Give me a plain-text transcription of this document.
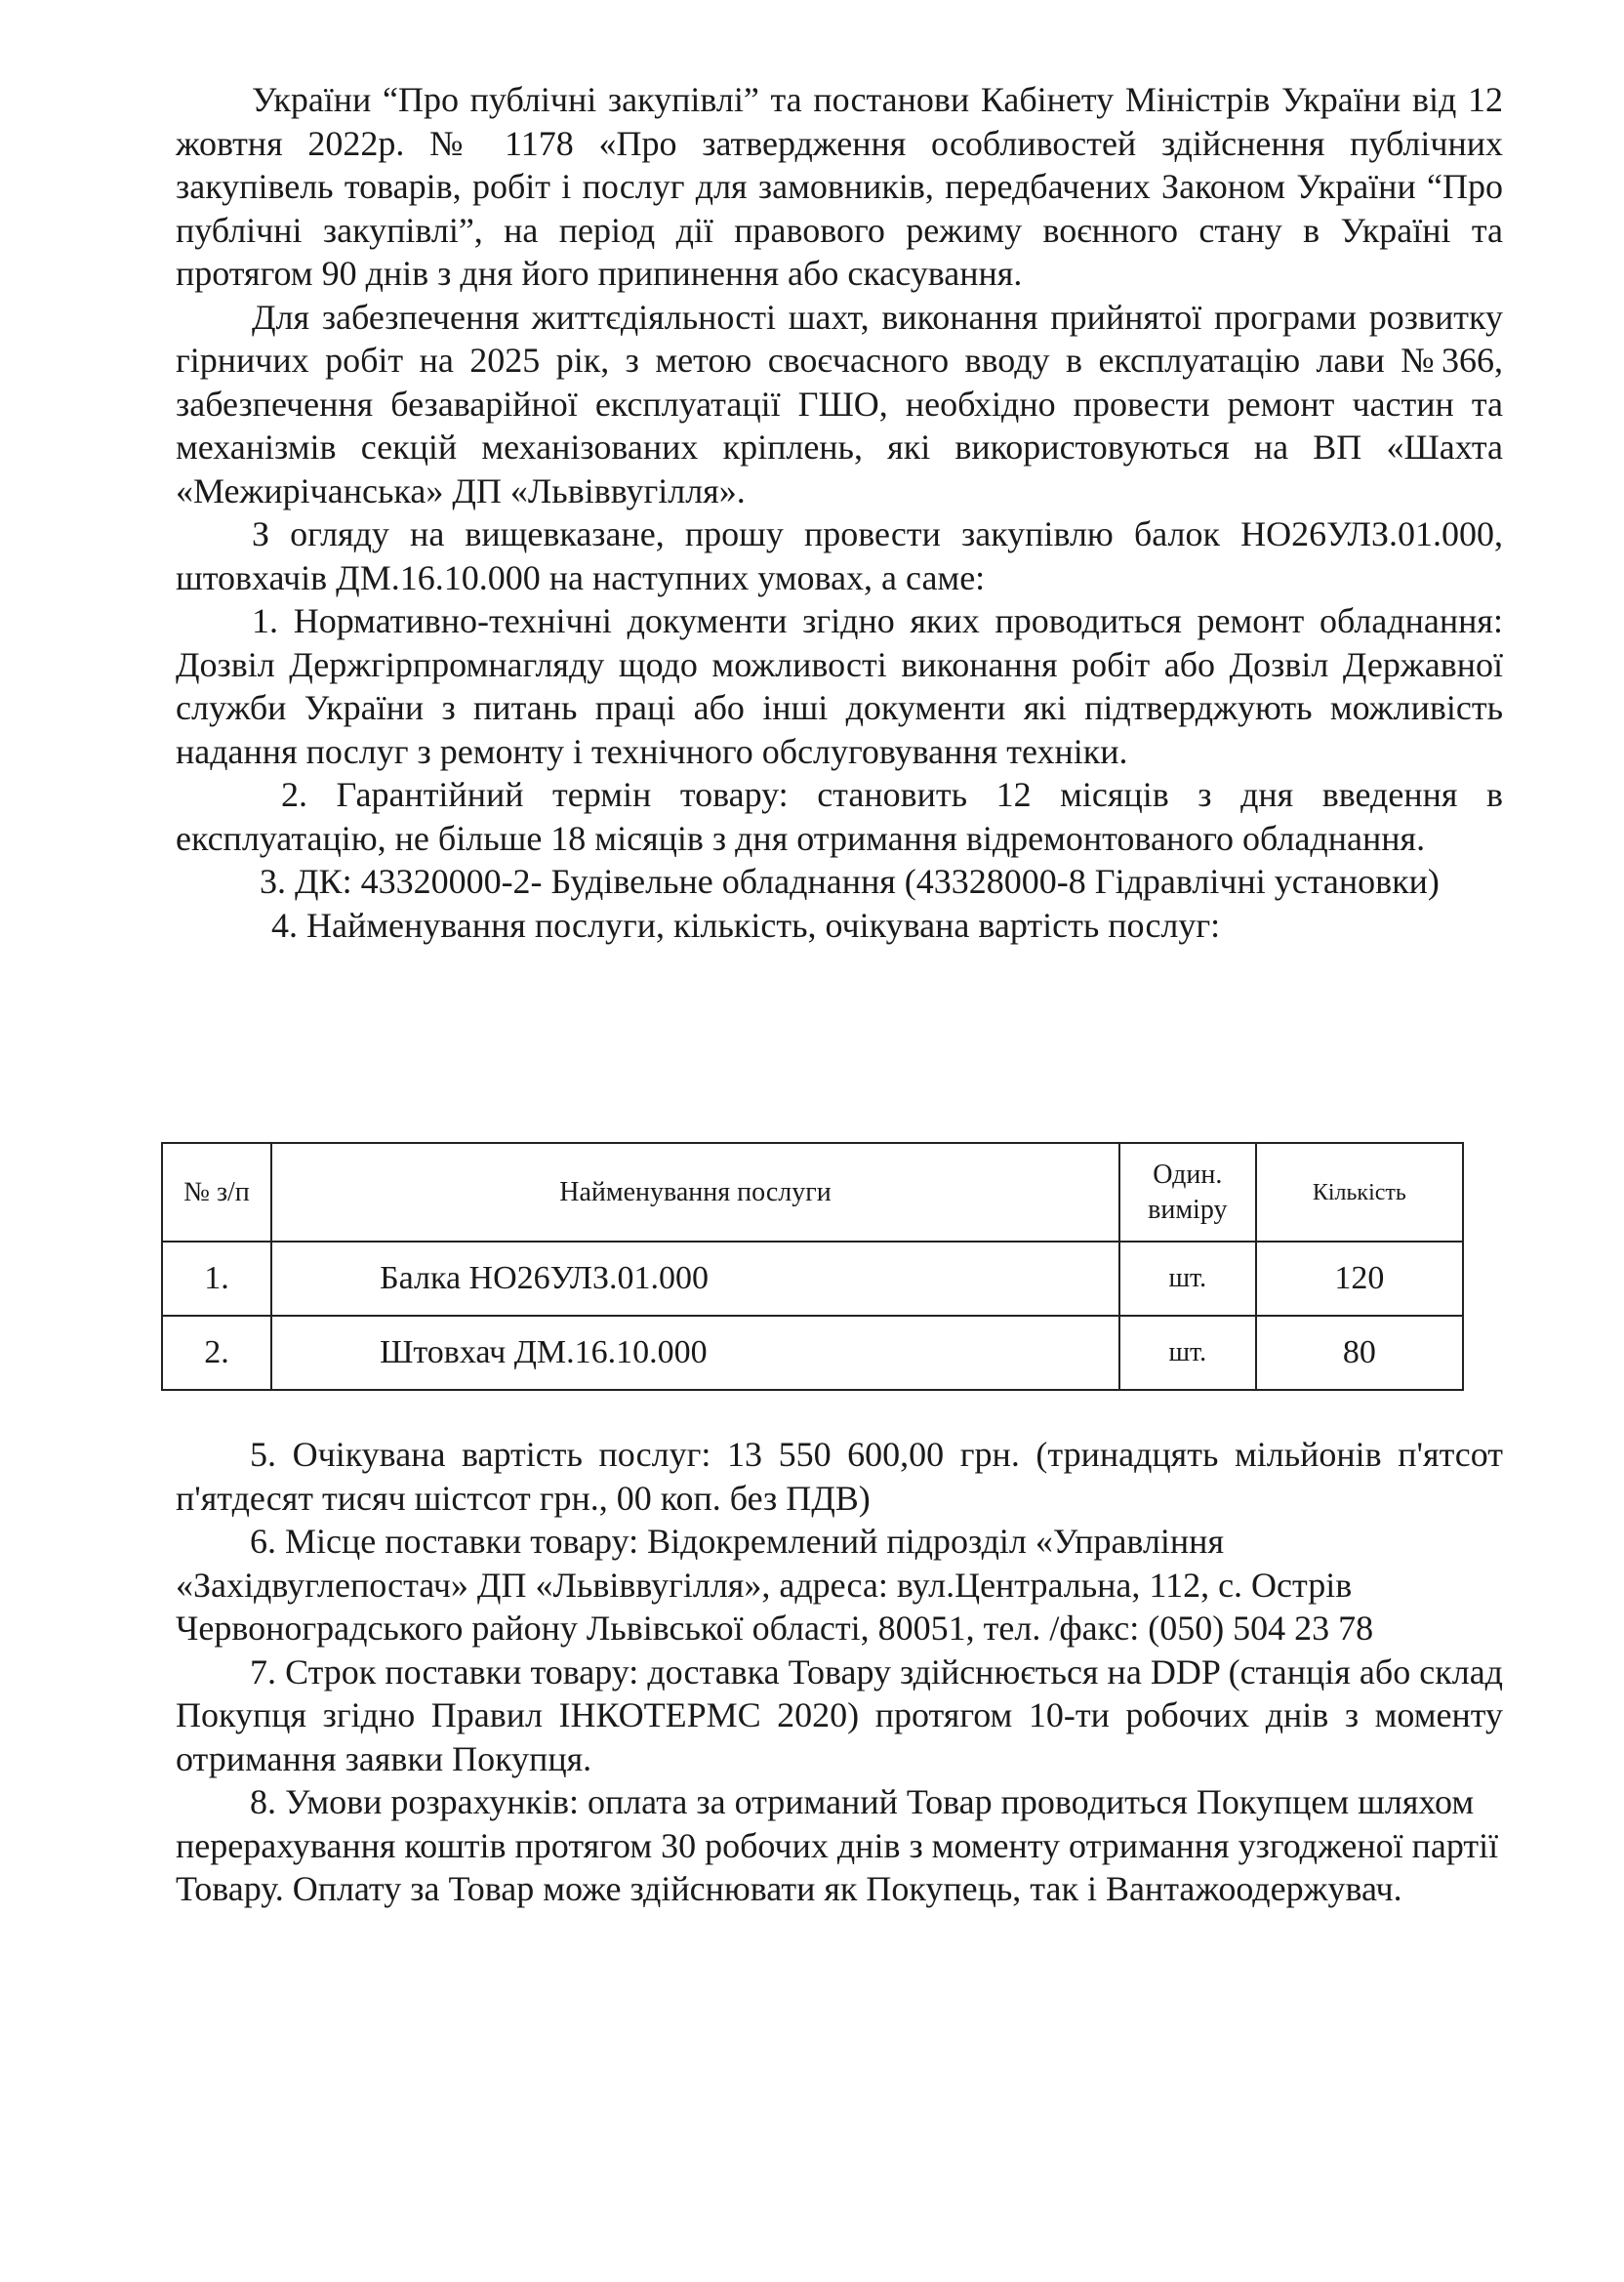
України “Про публічні закупівлі” та постанови Кабінету Міністрів України від 12 жовтня 2022р. № 1178 «Про затвердження особливостей здійснення публічних закупівель товарів, робіт і послуг для замовників, передбачених Законом України “Про публічні закупівлі”, на період дії правового режиму воєнного стану в Україні та протягом 90 днів з дня його припинення або скасування.

Для забезпечення життєдіяльності шахт, виконання прийнятої програми розвитку гірничих робіт на 2025 рік, з метою своєчасного вводу в експлуатацію лави №366, забезпечення безаварійної експлуатації ГШО, необхідно провести ремонт частин та механізмів секцій механізованих кріплень, які використовуються на ВП «Шахта «Межирічанська» ДП «Львіввугілля».

З огляду на вищевказане, прошу провести закупівлю балок НО26УЛЗ.01.000, штовхачів ДМ.16.10.000 на наступних умовах, а саме:

1. Нормативно-технічні документи згідно яких проводиться ремонт обладнання: Дозвіл Держгірпромнагляду щодо можливості виконання робіт або Дозвіл Державної служби України з питань праці або інші документи які підтверджують можливість надання послуг з ремонту і технічного обслуговування техніки.

2. Гарантійний термін товару: становить 12 місяців з дня введення в експлуатацію, не більше 18 місяців з дня отримання відремонтованого обладнання.

3. ДК: 43320000-2- Будівельне обладнання (43328000-8 Гідравлічні установки)

4. Найменування послуги, кількість, очікувана вартість послуг:

№ з/п	Найменування послуги	Один. виміру	Кількість
1.	Балка НО26УЛЗ.01.000	шт.	120
2.	Штовхач ДМ.16.10.000	шт.	80

5. Очікувана вартість послуг: 13 550 600,00 грн. (тринадцять мільйонів п'ятсот п'ятдесят тисяч шістсот грн., 00 коп. без ПДВ)

6. Місце поставки товару: Відокремлений підрозділ «Управління «Західвуглепостач» ДП «Львіввугілля», адреса: вул.Центральна, 112, с. Острів Червоноградського району Львівської області, 80051, тел. /факс: (050) 504 23 78

7. Строк поставки товару: доставка Товару здійснюється на DDP (станція або склад Покупця згідно Правил ІНКОТЕРМС 2020) протягом 10-ти робочих днів з моменту отримання заявки Покупця.

8. Умови розрахунків: оплата за отриманий Товар проводиться Покупцем шляхом перерахування коштів протягом 30 робочих днів з моменту отримання узгодженої партії Товару. Оплату за Товар може здійснювати як Покупець, так і Вантажоодержувач.
